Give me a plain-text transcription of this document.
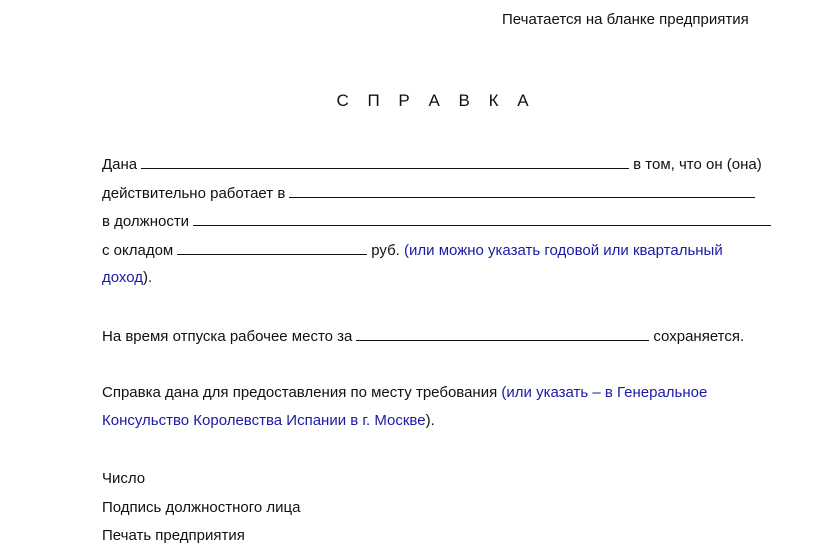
Печатается на бланке предприятия
С П Р А В К А
Дана	в том, что он (она)
действительно работает в
в должности
с окладом	руб. (или можно указать годовой или квартальный
доход).
На время отпуска рабочее место за	сохраняется.
Справка дана для предоставления по месту требования (или указать – в Генеральное
Консульство Королевства Испании в г. Москве).
Число
Подпись должностного лица
Печать предприятия
